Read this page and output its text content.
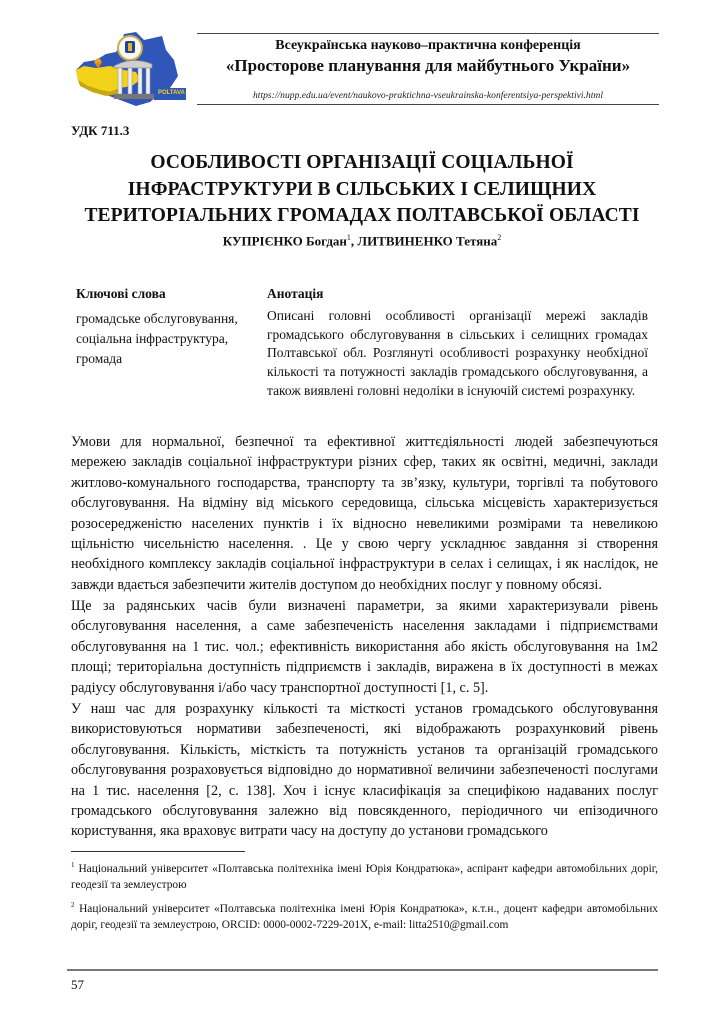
POLTAVA
Всеукраїнська науково–практична конференція
«Просторове планування для майбутнього України»
https://nupp.edu.ua/event/naukovo-praktichna-vseukrainska-konferentsiya-perspektivi.html
УДК 711.3
ОСОБЛИВОСТІ ОРГАНІЗАЦІЇ СОЦІАЛЬНОЇ
ІНФРАСТРУКТУРИ В СІЛЬСЬКИХ І СЕЛИЩНИХ
ТЕРИТОРІАЛЬНИХ ГРОМАДАХ ПОЛТАВСЬКОЇ ОБЛАСТІ
КУПРІЄНКО Богдан$^1$, ЛИТВИНЕНКО Тетяна$^2$
Ключові слова	Анотація
громадське обслуговування, соціальна інфраструктура, громада
Описані головні особливості організації мережі закладів громадського обслуговування в сільських і селищних громадах Полтавської обл. Розглянуті особливості розрахунку необхідної кількості та потужності закладів громадського обслуговування, а також виявлені головні недоліки в існуючій системі розрахунку.
Умови для нормальної, безпечної та ефективної життєдіяльності людей забезпечуються мережею закладів соціальної інфраструктури різних сфер, таких як освітні, медичні, заклади житлово-комунального господарства, транспорту та зв’язку, культури, торгівлі та побутового обслуговування. На відміну від міського середовища, сільська місцевість характеризується розосередженістю населених пунктів і їх відносно невеликими розмірами та невеликою щільністю чисельністю населення. . Це у свою чергу ускладнює завдання зі створення необхідного комплексу закладів соціальної інфраструктури в селах і селищах, і як наслідок, не завжди вдається забезпечити жителів доступом до необхідних послуг у повному обсязі.
Ще за радянських часів були визначені параметри, за якими характеризували рівень обслуговування населення, а саме забезпеченість населення закладами і підприємствами обслуговування на 1 тис. чол.; ефективність використання або якість обслуговування на 1м2 площі; територіальна доступність підприємств і закладів, виражена в їх доступності в межах радіусу обслуговування і/або часу транспортної доступності [1, с. 5].
У наш час для розрахунку кількості та місткості установ громадського обслуговування використовуються нормативи забезпеченості, які відображають розрахунковий рівень обслуговування. Кількість, місткість та потужність установ та організацій громадського обслуговування розраховується відповідно до нормативної величини забезпеченості послугами на 1 тис. населення [2, с. 138]. Хоч і існує класифікація за специфікою надаваних послуг громадського обслуговування залежно від повсякденного, періодичного чи епізодичного користування, яка враховує витрати часу на доступу до установи громадського
$^1$ Національний університет «Полтавська політехніка імені Юрія Кондратюка», аспірант кафедри автомобільних доріг, геодезії та землеустрою
$^2$ Національний університет «Полтавська політехніка імені Юрія Кондратюка», к.т.н., доцент кафедри автомобільних доріг, геодезії та землеустрою, ORCID: 0000-0002-7229-201X, e-mail: litta2510@gmail.com
57
